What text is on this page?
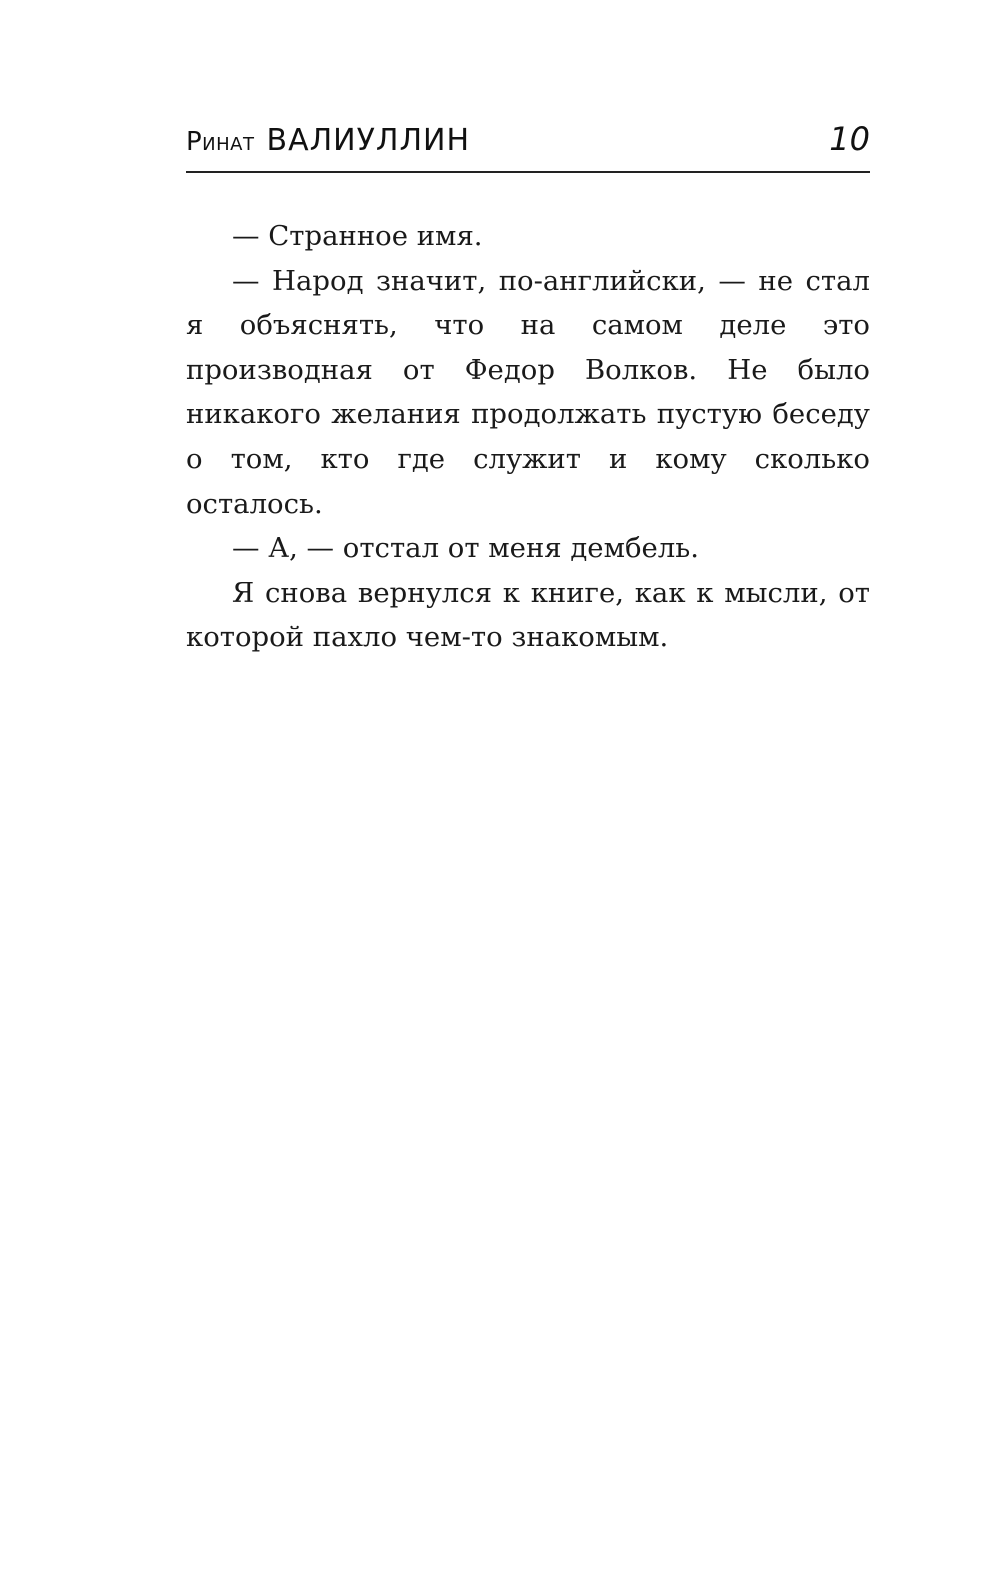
Ринат ВАЛИУЛЛИН	10

— Странное имя.

— Народ значит, по-английски, — не стал я объяснять, что на самом деле это производная от Федор Волков. Не было никакого желания продолжать пустую беседу о том, кто где служит и кому сколько осталось.

— А, — отстал от меня дембель.

Я снова вернулся к книге, как к мысли, от которой пахло чем-то знакомым.
